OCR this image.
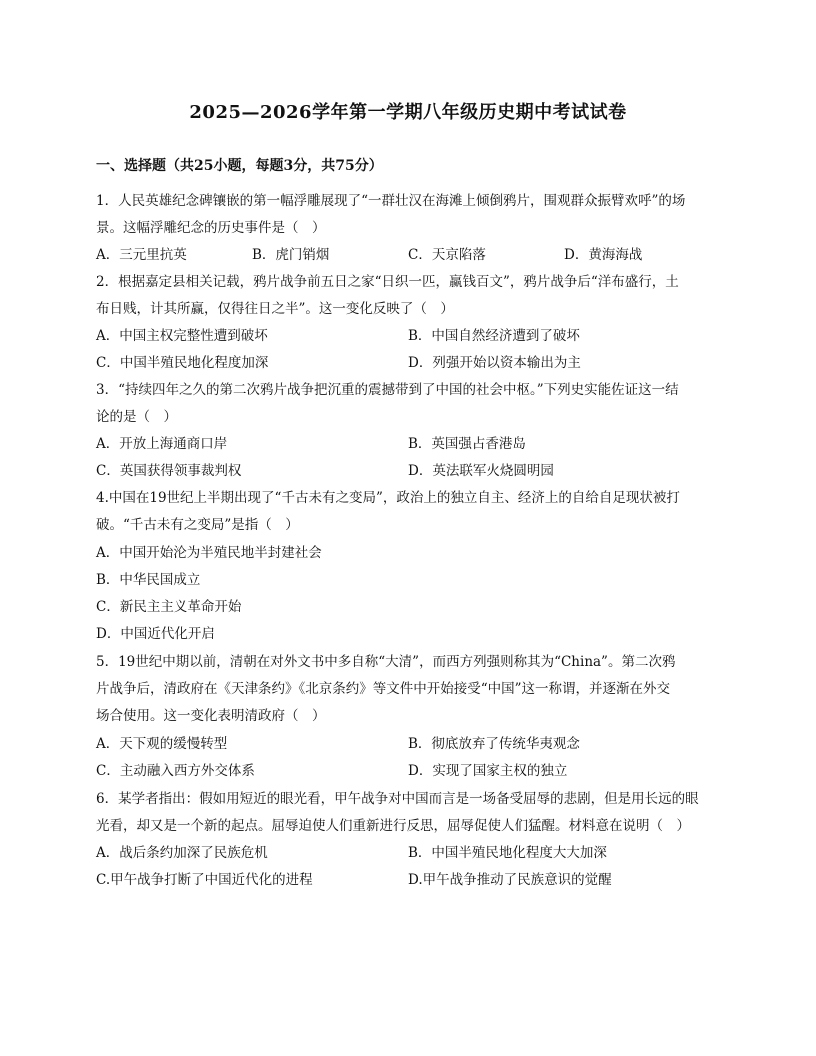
2025—2026学年第一学期八年级历史期中考试试卷
一、选择题（共25小题，每题3分，共75分）
1．人民英雄纪念碑镶嵌的第一幅浮雕展现了“一群壮汉在海滩上倾倒鸦片，围观群众振臂欢呼”的场
景。这幅浮雕纪念的历史事件是（　）
A．三元里抗英	B．虎门销烟	C．天京陷落	D．黄海海战
2．根据嘉定县相关记载，鸦片战争前五日之家“日织一匹，赢钱百文”，鸦片战争后“洋布盛行，土
布日贱，计其所赢，仅得往日之半”。这一变化反映了（　）
A．中国主权完整性遭到破坏	B．中国自然经济遭到了破坏
C．中国半殖民地化程度加深	D．列强开始以资本输出为主
3．“持续四年之久的第二次鸦片战争把沉重的震撼带到了中国的社会中枢。”下列史实能佐证这一结
论的是（　）
A．开放上海通商口岸	B．英国强占香港岛
C．英国获得领事裁判权	D．英法联军火烧圆明园
4.中国在19世纪上半期出现了“千古未有之变局”，政治上的独立自主、经济上的自给自足现状被打
破。“千古未有之变局”是指（　）
A．中国开始沦为半殖民地半封建社会
B．中华民国成立
C．新民主主义革命开始
D．中国近代化开启
5．19世纪中期以前，清朝在对外文书中多自称“大清”，而西方列强则称其为“China”。第二次鸦
片战争后，清政府在《天津条约》《北京条约》等文件中开始接受“中国”这一称谓，并逐渐在外交
场合使用。这一变化表明清政府（　）
A．天下观的缓慢转型	B．彻底放弃了传统华夷观念
C．主动融入西方外交体系	D．实现了国家主权的独立
6．某学者指出：假如用短近的眼光看，甲午战争对中国而言是一场备受屈辱的悲剧，但是用长远的眼
光看，却又是一个新的起点。屈辱迫使人们重新进行反思，屈辱促使人们猛醒。材料意在说明（　）
A．战后条约加深了民族危机	B．中国半殖民地化程度大大加深
C.甲午战争打断了中国近代化的进程	D.甲午战争推动了民族意识的觉醒
